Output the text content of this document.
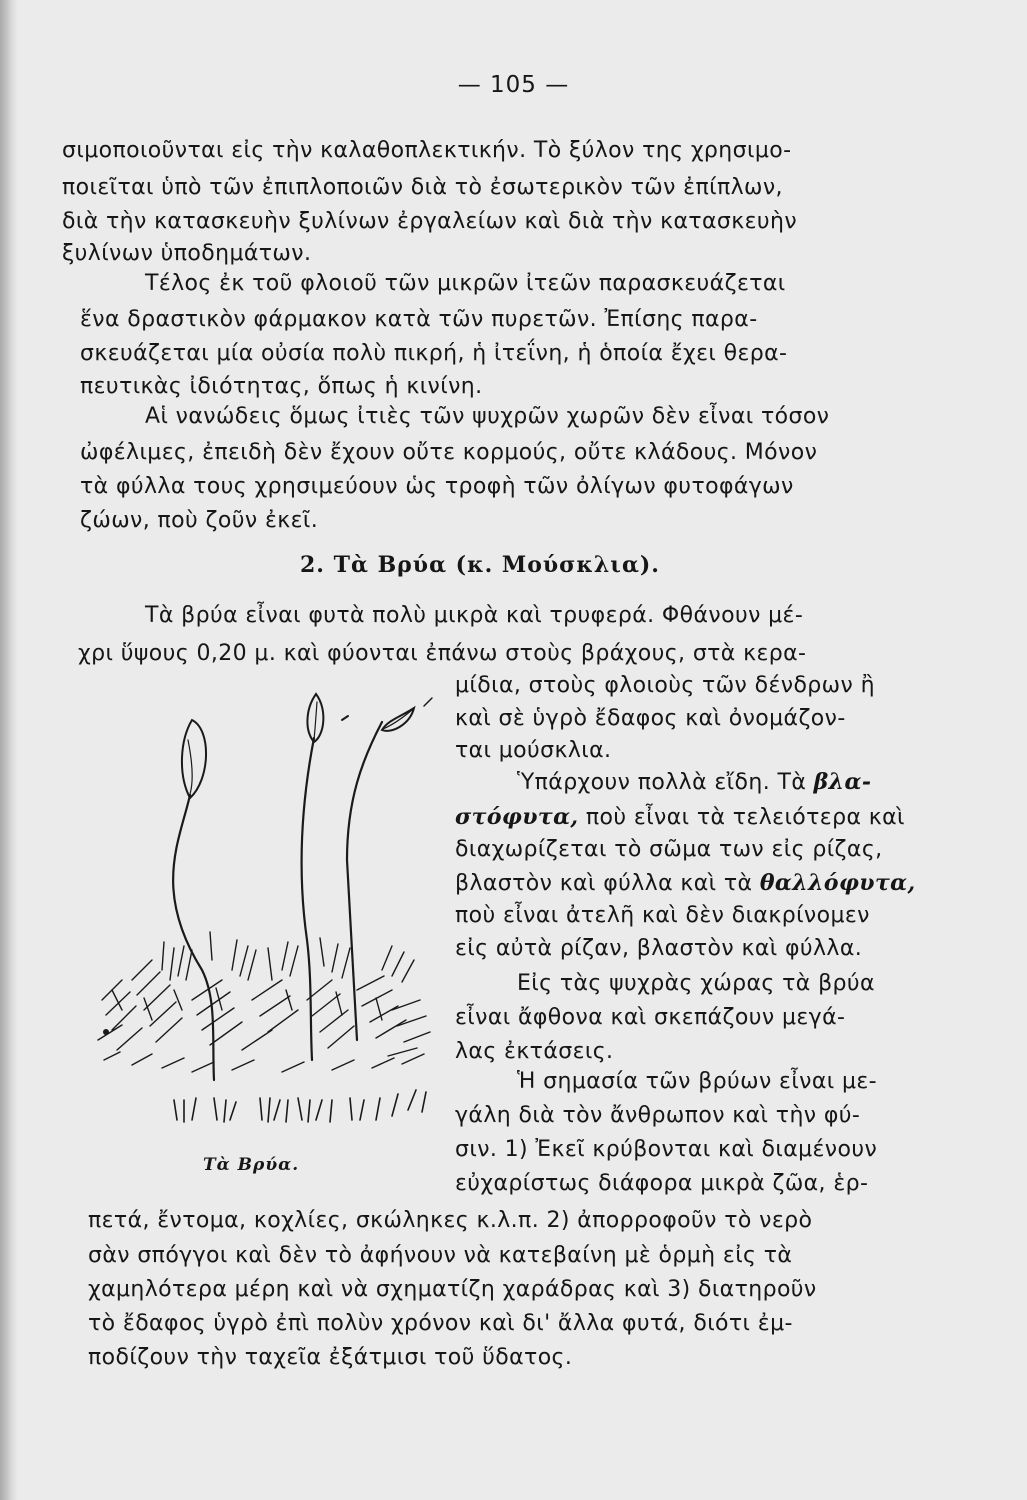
— 105 —
σιμοποιοῦνται εἰς τὴν καλαθοπλεκτικήν. Τὸ ξύλον της χρησιμο-
ποιεῖται ὑπὸ τῶν ἐπιπλοποιῶν διὰ τὸ ἐσωτερικὸν τῶν ἐπίπλων,
διὰ τὴν κατασκευὴν ξυλίνων ἐργαλείων καὶ διὰ τὴν κατασκευὴν
ξυλίνων ὑποδημάτων.
Τέλος ἐκ τοῦ φλοιοῦ τῶν μικρῶν ἰτεῶν παρασκευάζεται
ἕνα δραστικὸν φάρμακον κατὰ τῶν πυρετῶν. Ἐπίσης παρα-
σκευάζεται μία οὐσία πολὺ πικρή, ἡ ἰτεΐνη, ἡ ὁποία ἔχει θερα-
πευτικὰς ἰδιότητας, ὅπως ἡ κινίνη.
Αἱ νανώδεις ὅμως ἰτιὲς τῶν ψυχρῶν χωρῶν δὲν εἶναι τόσον
ὠφέλιμες, ἐπειδὴ δὲν ἔχουν οὔτε κορμούς, οὔτε κλάδους. Μόνον
τὰ φύλλα τους χρησιμεύουν ὡς τροφὴ τῶν ὀλίγων φυτοφάγων
ζώων, ποὺ ζοῦν ἐκεῖ.
2. Τὰ Βρύα (κ. Μούσκλια).
Τὰ βρύα εἶναι φυτὰ πολὺ μικρὰ καὶ τρυφερά. Φθάνουν μέ-
χρι ὕψους 0,20 μ. καὶ φύονται ἐπάνω στοὺς βράχους, στὰ κερα-
μίδια, στοὺς φλοιοὺς τῶν δένδρων ἢ
καὶ σὲ ὑγρὸ ἔδαφος καὶ ὀνομάζον-
ται μούσκλια.
Ὑπάρχουν πολλὰ εἴδη. Τὰ βλα-
στόφυτα, ποὺ εἶναι τὰ τελειότερα καὶ
διαχωρίζεται τὸ σῶμα των εἰς ρίζας,
βλαστὸν καὶ φύλλα καὶ τὰ θαλλόφυτα,
ποὺ εἶναι ἀτελῆ καὶ δὲν διακρίνομεν
εἰς αὐτὰ ρίζαν, βλαστὸν καὶ φύλλα.
Εἰς τὰς ψυχρὰς χώρας τὰ βρύα
εἶναι ἄφθονα καὶ σκεπάζουν μεγά-
λας ἐκτάσεις.
Ἡ σημασία τῶν βρύων εἶναι με-
γάλη διὰ τὸν ἄνθρωπον καὶ τὴν φύ-
σιν. 1) Ἐκεῖ κρύβονται καὶ διαμένουν
εὐχαρίστως διάφορα μικρὰ ζῶα, ἑρ-
πετά, ἔντομα, κοχλίες, σκώληκες κ.λ.π. 2) ἀπορροφοῦν τὸ νερὸ
σὰν σπόγγοι καὶ δὲν τὸ ἀφήνουν νὰ κατεβαίνη μὲ ὁρμὴ εἰς τὰ
χαμηλότερα μέρη καὶ νὰ σχηματίζη χαράδρας καὶ 3) διατηροῦν
τὸ ἔδαφος ὑγρὸ ἐπὶ πολὺν χρόνον καὶ δι' ἄλλα φυτά, διότι ἐμ-
ποδίζουν τὴν ταχεῖα ἐξάτμισι τοῦ ὕδατος.
Τὰ Βρύα.
